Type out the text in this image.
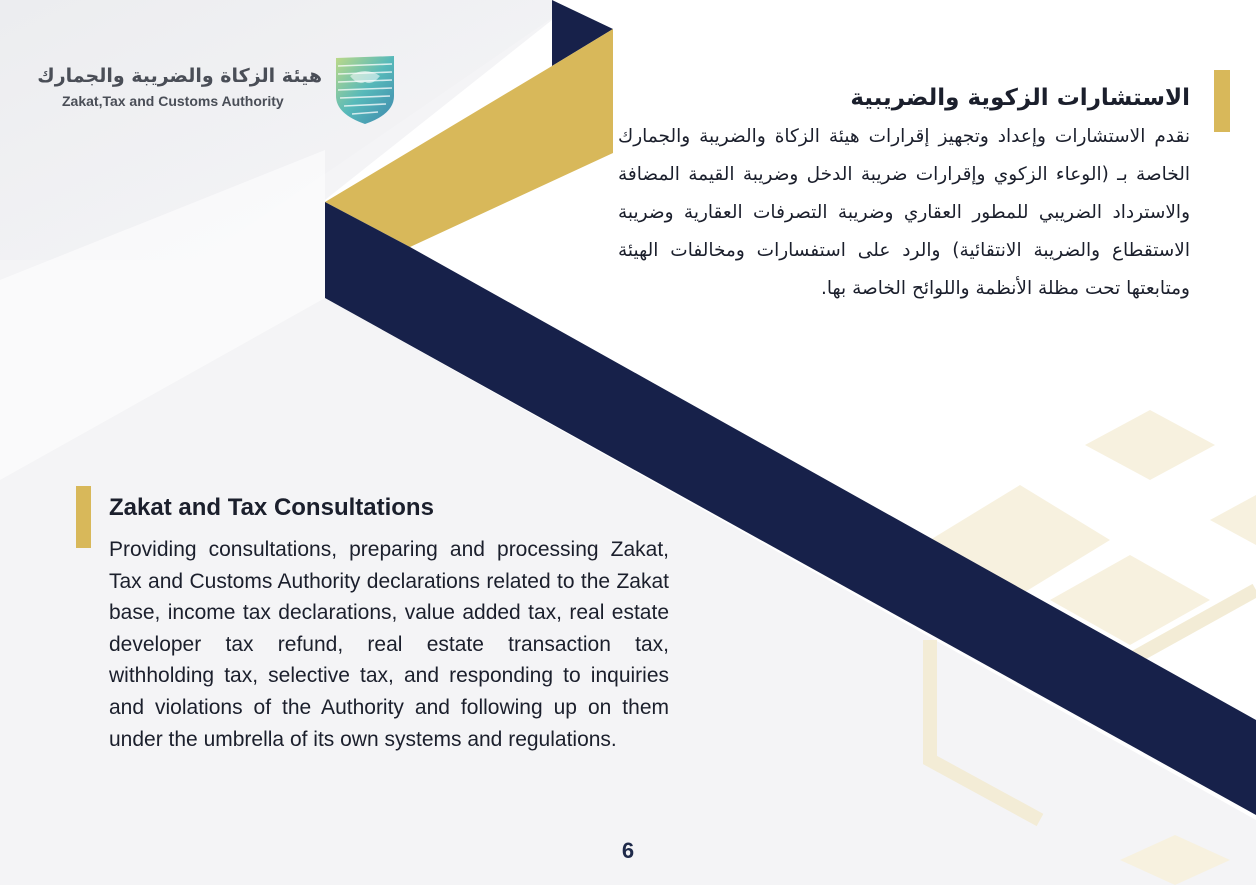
هيئة الزكاة والضريبة والجمارك
Zakat,Tax and Customs Authority	الاستشارات الزكوية والضريبية
نقدم الاستشارات وإعداد وتجهيز إقرارات هيئة الزكاة والضريبة والجمارك الخاصة بـ (الوعاء الزكوي وإقرارات ضريبة الدخل وضريبة القيمة المضافة والاسترداد الضريبي للمطور العقاري وضريبة التصرفات العقارية وضريبة الاستقطاع والضريبة الانتقائية) والرد على استفسارات ومخالفات الهيئة ومتابعتها تحت مظلة الأنظمة واللوائح الخاصة بها.
Zakat and Tax Consultations
Providing consultations, preparing and processing Zakat, Tax and Customs Authority declarations related to the Zakat base, income tax declarations, value added tax, real estate developer tax refund, real estate transaction tax, withholding tax, selective tax, and responding to inquiries and violations of the Authority and following up on them under the umbrella of its own systems and regulations.
6
